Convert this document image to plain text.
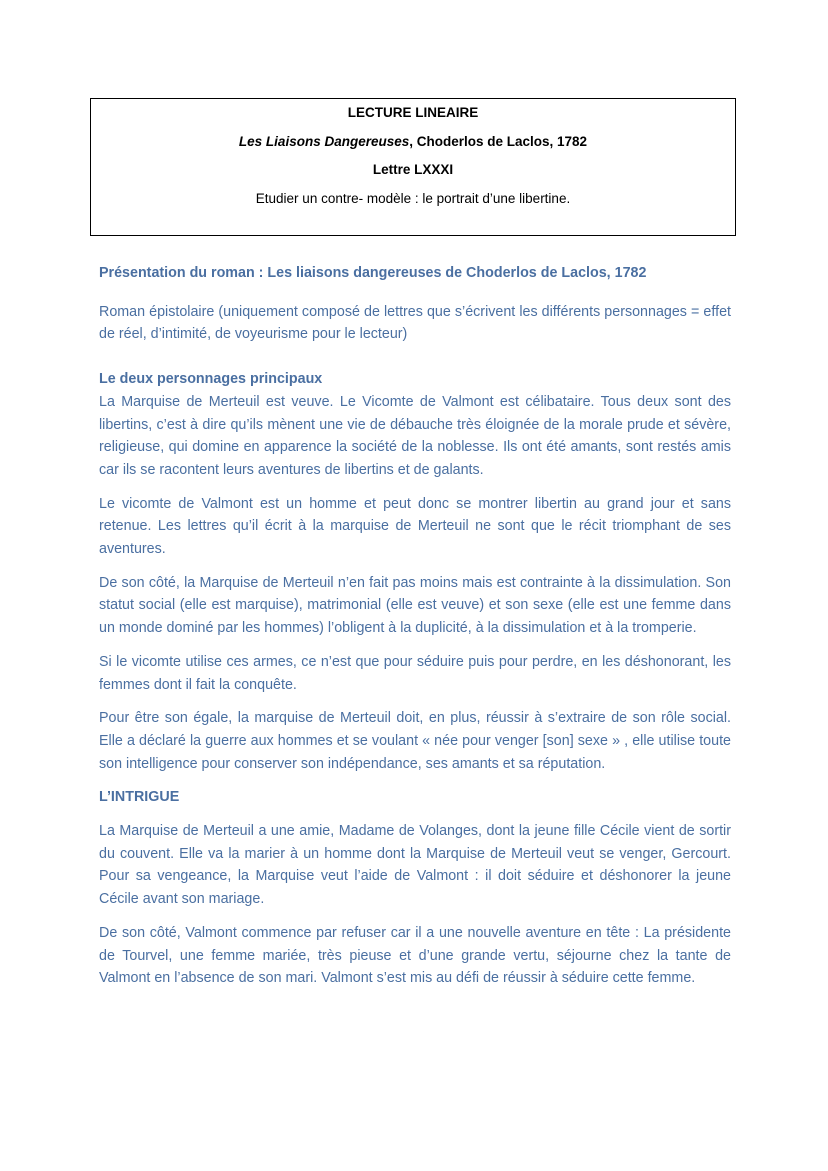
LECTURE LINEAIRE
Les Liaisons Dangereuses, Choderlos de Laclos, 1782
Lettre LXXXI
Etudier un contre- modèle : le portrait d’une libertine.
Présentation du roman : Les liaisons dangereuses de Choderlos de Laclos, 1782

Roman épistolaire (uniquement composé de lettres que s’écrivent les différents personnages = effet de réel, d’intimité, de voyeurisme pour le lecteur)

Le deux personnages principaux

La Marquise de Merteuil est veuve. Le Vicomte de Valmont est célibataire. Tous deux sont des libertins, c’est à dire qu’ils mènent une vie de débauche très éloignée de la morale prude et sévère, religieuse, qui domine en apparence la société de la noblesse. Ils ont été amants, sont restés amis car ils se racontent leurs aventures de libertins et de galants.

Le vicomte de Valmont est un homme et peut donc se montrer libertin au grand jour et sans retenue. Les lettres qu’il écrit à la marquise de Merteuil ne sont que le récit triomphant de ses aventures.

De son côté, la Marquise de Merteuil n’en fait pas moins mais est contrainte à la dissimulation. Son statut social (elle est marquise), matrimonial (elle est veuve) et son sexe (elle est une femme dans un monde dominé par les hommes) l’obligent à la duplicité, à la dissimulation et à la tromperie.

Si le vicomte utilise ces armes, ce n’est que pour séduire puis pour perdre, en les déshonorant, les femmes dont il fait la conquête.

Pour être son égale, la marquise de Merteuil doit, en plus, réussir à s’extraire de son rôle social. Elle a déclaré la guerre aux hommes et se voulant « née pour venger [son] sexe » , elle utilise toute son intelligence pour conserver son indépendance, ses amants et sa réputation.

L’INTRIGUE

La Marquise de Merteuil a une amie, Madame de Volanges, dont la jeune fille Cécile vient de sortir du couvent. Elle va la marier à un homme dont la Marquise de Merteuil veut se venger, Gercourt. Pour sa vengeance, la Marquise veut l’aide de Valmont : il doit séduire et déshonorer la jeune Cécile avant son mariage.

De son côté, Valmont commence par refuser car il a une nouvelle aventure en tête : La présidente de Tourvel, une femme mariée, très pieuse et d’une grande vertu, séjourne chez la tante de Valmont en l’absence de son mari. Valmont s’est mis au défi de réussir à séduire cette femme.
